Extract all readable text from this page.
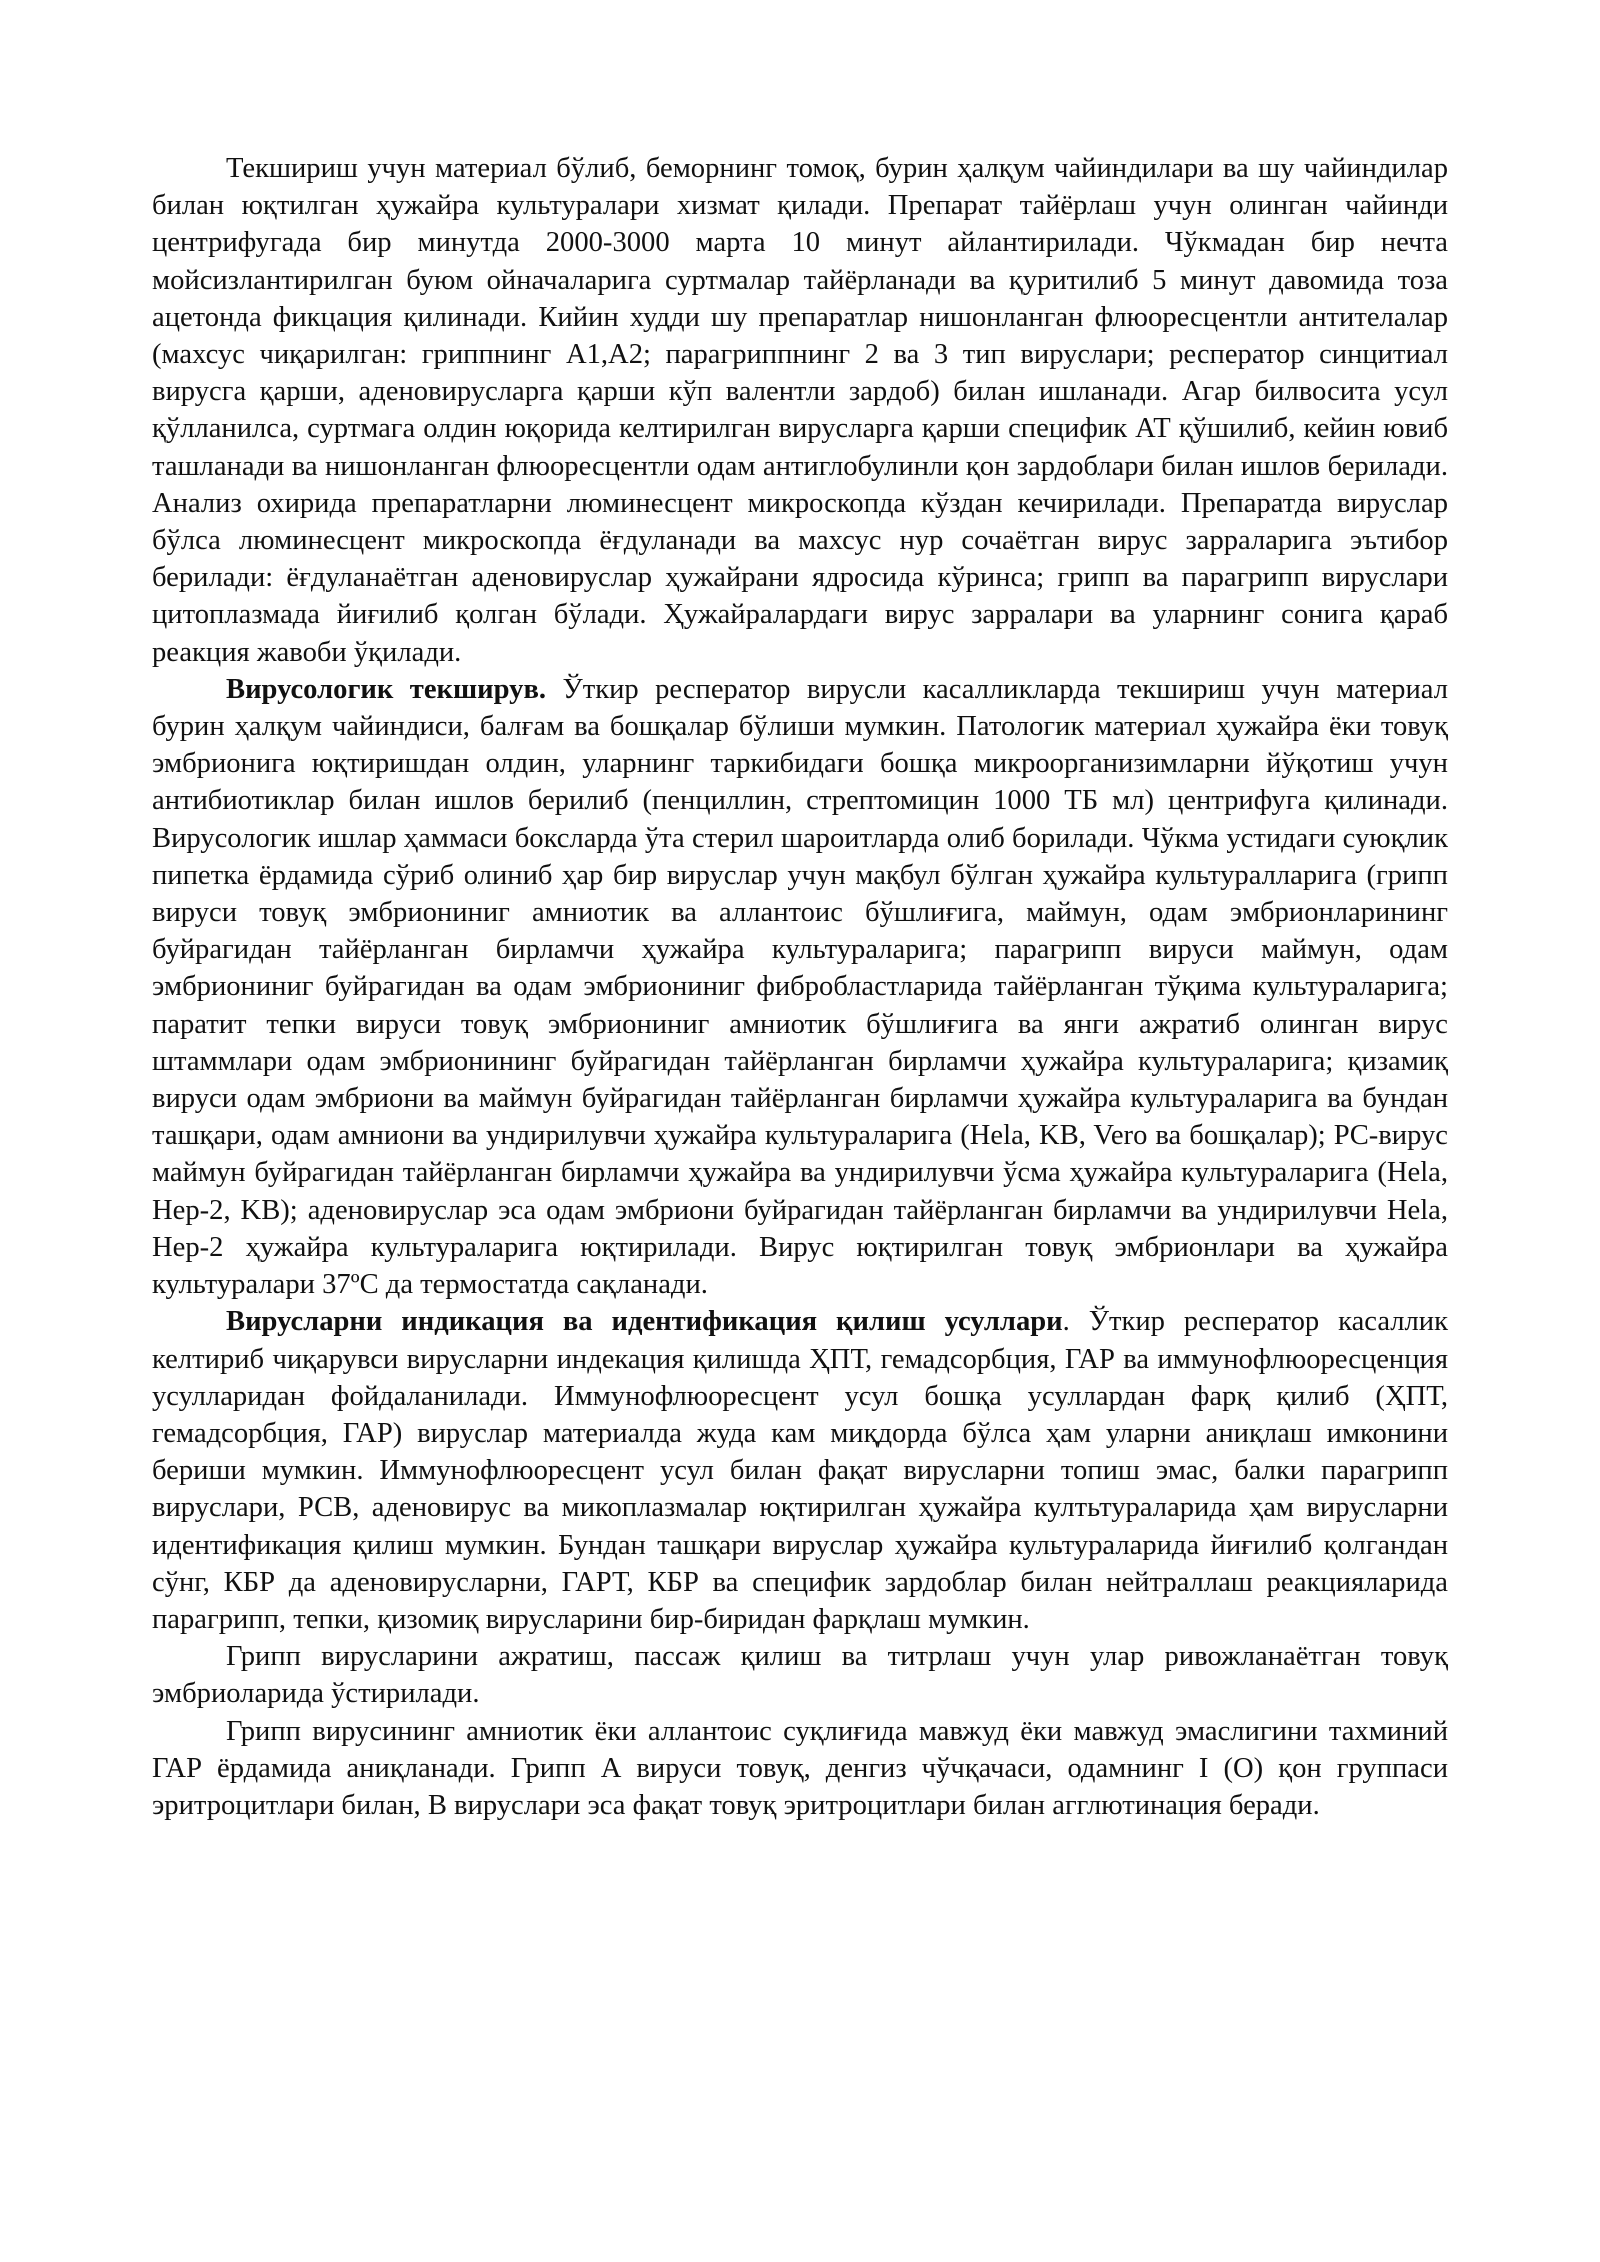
Текшириш учун материал бўлиб, беморнинг томоқ, бурин ҳалқум чайиндилари ва шу чайиндилар билан юқтилган ҳужайра культуралари хизмат қилади. Препарат тайёрлаш учун олинган чайинди центрифугада бир минутда 2000-3000 марта 10 минут айлантирилади. Чўкмадан бир нечта мойсизлантирилган буюм ойначаларига суртмалар тайёрланади ва қуритилиб 5 минут давомида тоза ацетонда фикцация қилинади. Кийин худди шу препаратлар нишонланган флюоресцентли антителалар (махсус чиқарилган: гриппнинг А1,А2; парагриппнинг 2 ва 3 тип вируслари; респератор синцитиал вирусга қарши, аденовирусларга қарши кўп валентли зардоб) билан ишланади. Агар билвосита усул қўлланилса, суртмага олдин юқорида келтирилган вирусларга қарши специфик АТ қўшилиб, кейин ювиб ташланади ва нишонланган флюоресцентли одам антиглобулинли қон зардоблари билан ишлов берилади. Анализ охирида препаратларни люминесцент микроскопда кўздан кечирилади. Препаратда вируслар бўлса люминесцент микроскопда ёғдуланади ва махсус нур сочаётган вирус зарраларига эътибор берилади: ёғдуланаётган аденовируслар ҳужайрани ядросида кўринса; грипп ва парагрипп вируслари цитоплазмада йиғилиб қолган бўлади. Ҳужайралардаги вирус зарралари ва уларнинг сонига қараб реакция жавоби ўқилади.

Вирусологик текширув. Ўткир респератор вирусли касалликларда текшириш учун материал бурин ҳалқум чайиндиси, балғам ва бошқалар бўлиши мумкин. Патологик материал ҳужайра ёки товуқ эмбрионига юқтиришдан олдин, уларнинг таркибидаги бошқа микроорганизимларни йўқотиш учун антибиотиклар билан ишлов берилиб (пенциллин, стрептомицин 1000 ТБ мл) центрифуга қилинади. Вирусологик ишлар ҳаммаси боксларда ўта стерил шароитларда олиб борилади. Чўкма устидаги суюқлик пипетка ёрдамида сўриб олиниб ҳар бир вируслар учун мақбул бўлган ҳужайра культуралларига (грипп вируси товуқ эмбриониниг амниотик ва аллантоис бўшлиғига, маймун, одам эмбрионларининг буйрагидан тайёрланган бирламчи ҳужайра культураларига; парагрипп вируси маймун, одам эмбриониниг буйрагидан ва одам эмбриониниг фибробластларида тайёрланган тўқима культураларига; паратит тепки вируси товуқ эмбриониниг амниотик бўшлиғига ва янги ажратиб олинган вирус штаммлари одам эмбрионининг буйрагидан тайёрланган бирламчи ҳужайра культураларига; қизамиқ вируси одам эмбриони ва маймун буйрагидан тайёрланган бирламчи ҳужайра культураларига ва бундан ташқари, одам амниони ва ундирилувчи ҳужайра культураларига (Hela, KB, Vero ва бошқалар); PC-вирус маймун буйрагидан тайёрланган бирламчи ҳужайра ва ундирилувчи ўсма ҳужайра культураларига (Hela, Hep-2, KB); аденовируслар эса одам эмбриони буйрагидан тайёрланган бирламчи ва ундирилувчи Hela, Hep-2 ҳужайра культураларига юқтирилади. Вирус юқтирилган товуқ эмбрионлари ва ҳужайра культуралари 37ºС да термостатда сақланади.

Вирусларни индикация ва идентификация қилиш усуллари. Ўткир респератор касаллик келтириб чиқарувси вирусларни индекация қилишда ҲПТ, гемадсорбция, ГАР ва иммунофлюоресценция усулларидан фойдаланилади. Иммунофлюоресцент усул бошқа усуллардан фарқ қилиб (ҲПТ, гемадсорбция, ГАР) вируслар материалда жуда кам миқдорда бўлса ҳам уларни аниқлаш имконини бериши мумкин. Иммунофлюоресцент усул билан фақат вирусларни топиш эмас, балки парагрипп вируслари, РСВ, аденовирус ва микоплазмалар юқтирилган ҳужайра култьтураларида ҳам вирусларни идентификация қилиш мумкин. Бундан ташқари вируслар ҳужайра культураларида йиғилиб қолгандан сўнг, КБР да аденовирусларни, ГАРТ, КБР ва специфик зардоблар билан нейтраллаш реакцияларида парагрипп, тепки, қизомиқ вирусларини бир-биридан фарқлаш мумкин.

Грипп вирусларини ажратиш, пассаж қилиш ва титрлаш учун улар ривожланаётган товуқ эмбриоларида ўстирилади.

Грипп вирусининг амниотик ёки аллантоис суқлиғида мавжуд ёки мавжуд эмаслигини тахминий ГАР ёрдамида аниқланади. Грипп А вируси товуқ, денгиз чўчқачаси, одамнинг I (O) қон группаси эритроцитлари билан, В вируслари эса фақат товуқ эритроцитлари билан агглютинация беради.
